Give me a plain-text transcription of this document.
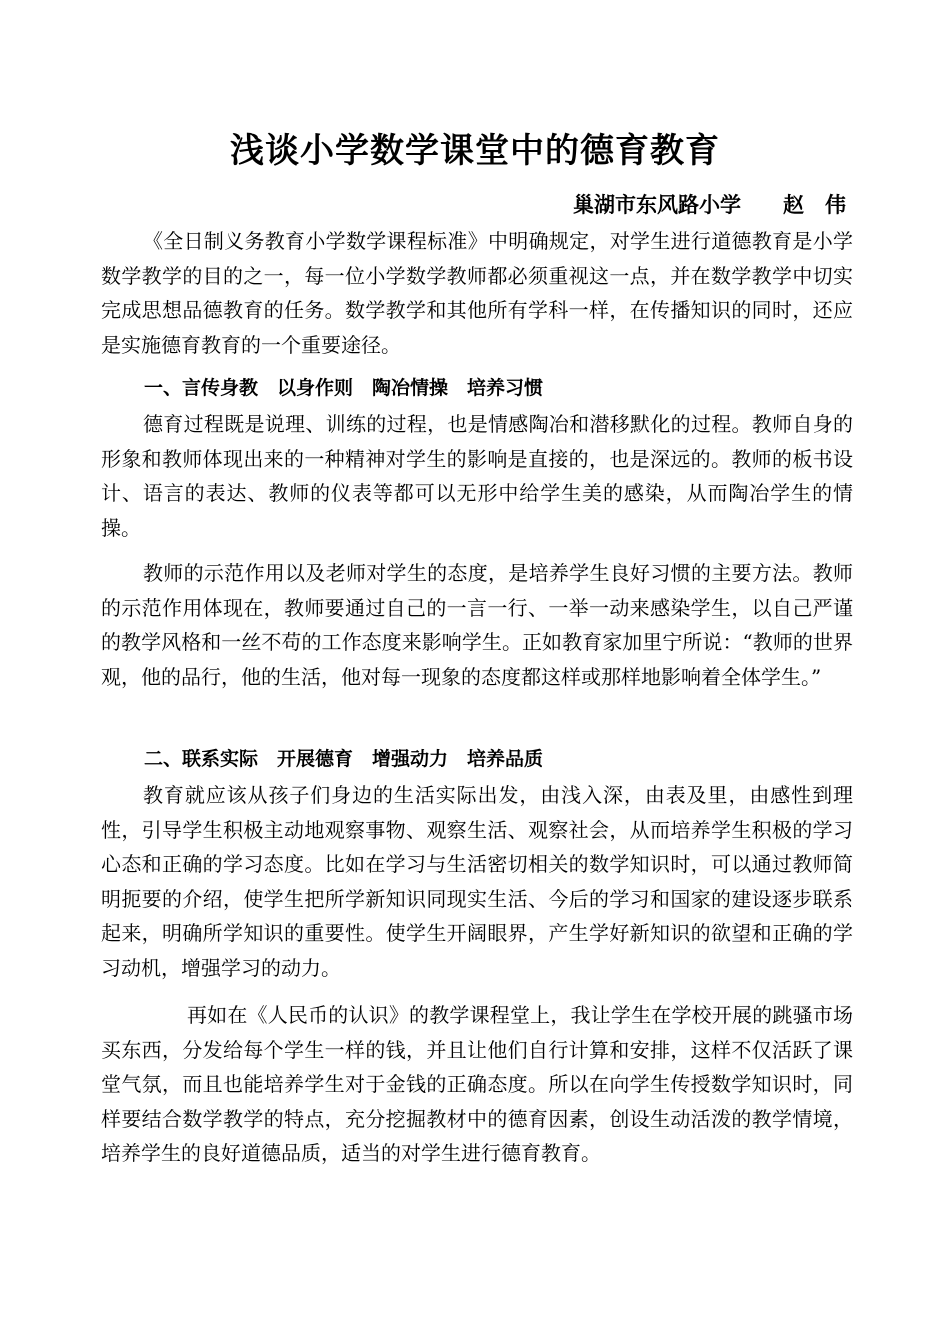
浅谈小学数学课堂中的德育教育
巢湖市东风路小学　　赵　伟

《全日制义务教育小学数学课程标准》中明确规定，对学生进行道德教育是小学数学教学的目的之一，每一位小学数学教师都必须重视这一点，并在数学教学中切实完成思想品德教育的任务。数学教学和其他所有学科一样，在传播知识的同时，还应是实施德育教育的一个重要途径。

一、言传身教　以身作则　陶冶情操　培养习惯

德育过程既是说理、训练的过程，也是情感陶冶和潜移默化的过程。教师自身的形象和教师体现出来的一种精神对学生的影响是直接的，也是深远的。教师的板书设计、语言的表达、教师的仪表等都可以无形中给学生美的感染，从而陶冶学生的情操。

教师的示范作用以及老师对学生的态度，是培养学生良好习惯的主要方法。教师的示范作用体现在，教师要通过自己的一言一行、一举一动来感染学生，以自己严谨的教学风格和一丝不苟的工作态度来影响学生。正如教育家加里宁所说：“教师的世界观，他的品行，他的生活，他对每一现象的态度都这样或那样地影响着全体学生。”

二、联系实际　开展德育　增强动力　培养品质

教育就应该从孩子们身边的生活实际出发，由浅入深，由表及里，由感性到理性，引导学生积极主动地观察事物、观察生活、观察社会，从而培养学生积极的学习心态和正确的学习态度。比如在学习与生活密切相关的数学知识时，可以通过教师简明扼要的介绍，使学生把所学新知识同现实生活、今后的学习和国家的建设逐步联系起来，明确所学知识的重要性。使学生开阔眼界，产生学好新知识的欲望和正确的学习动机，增强学习的动力。

再如在《人民币的认识》的教学课程堂上，我让学生在学校开展的跳骚市场买东西，分发给每个学生一样的钱，并且让他们自行计算和安排，这样不仅活跃了课堂气氛，而且也能培养学生对于金钱的正确态度。所以在向学生传授数学知识时，同样要结合数学教学的特点，充分挖掘教材中的德育因素，创设生动活泼的教学情境，培养学生的良好道德品质，适当的对学生进行德育教育。
